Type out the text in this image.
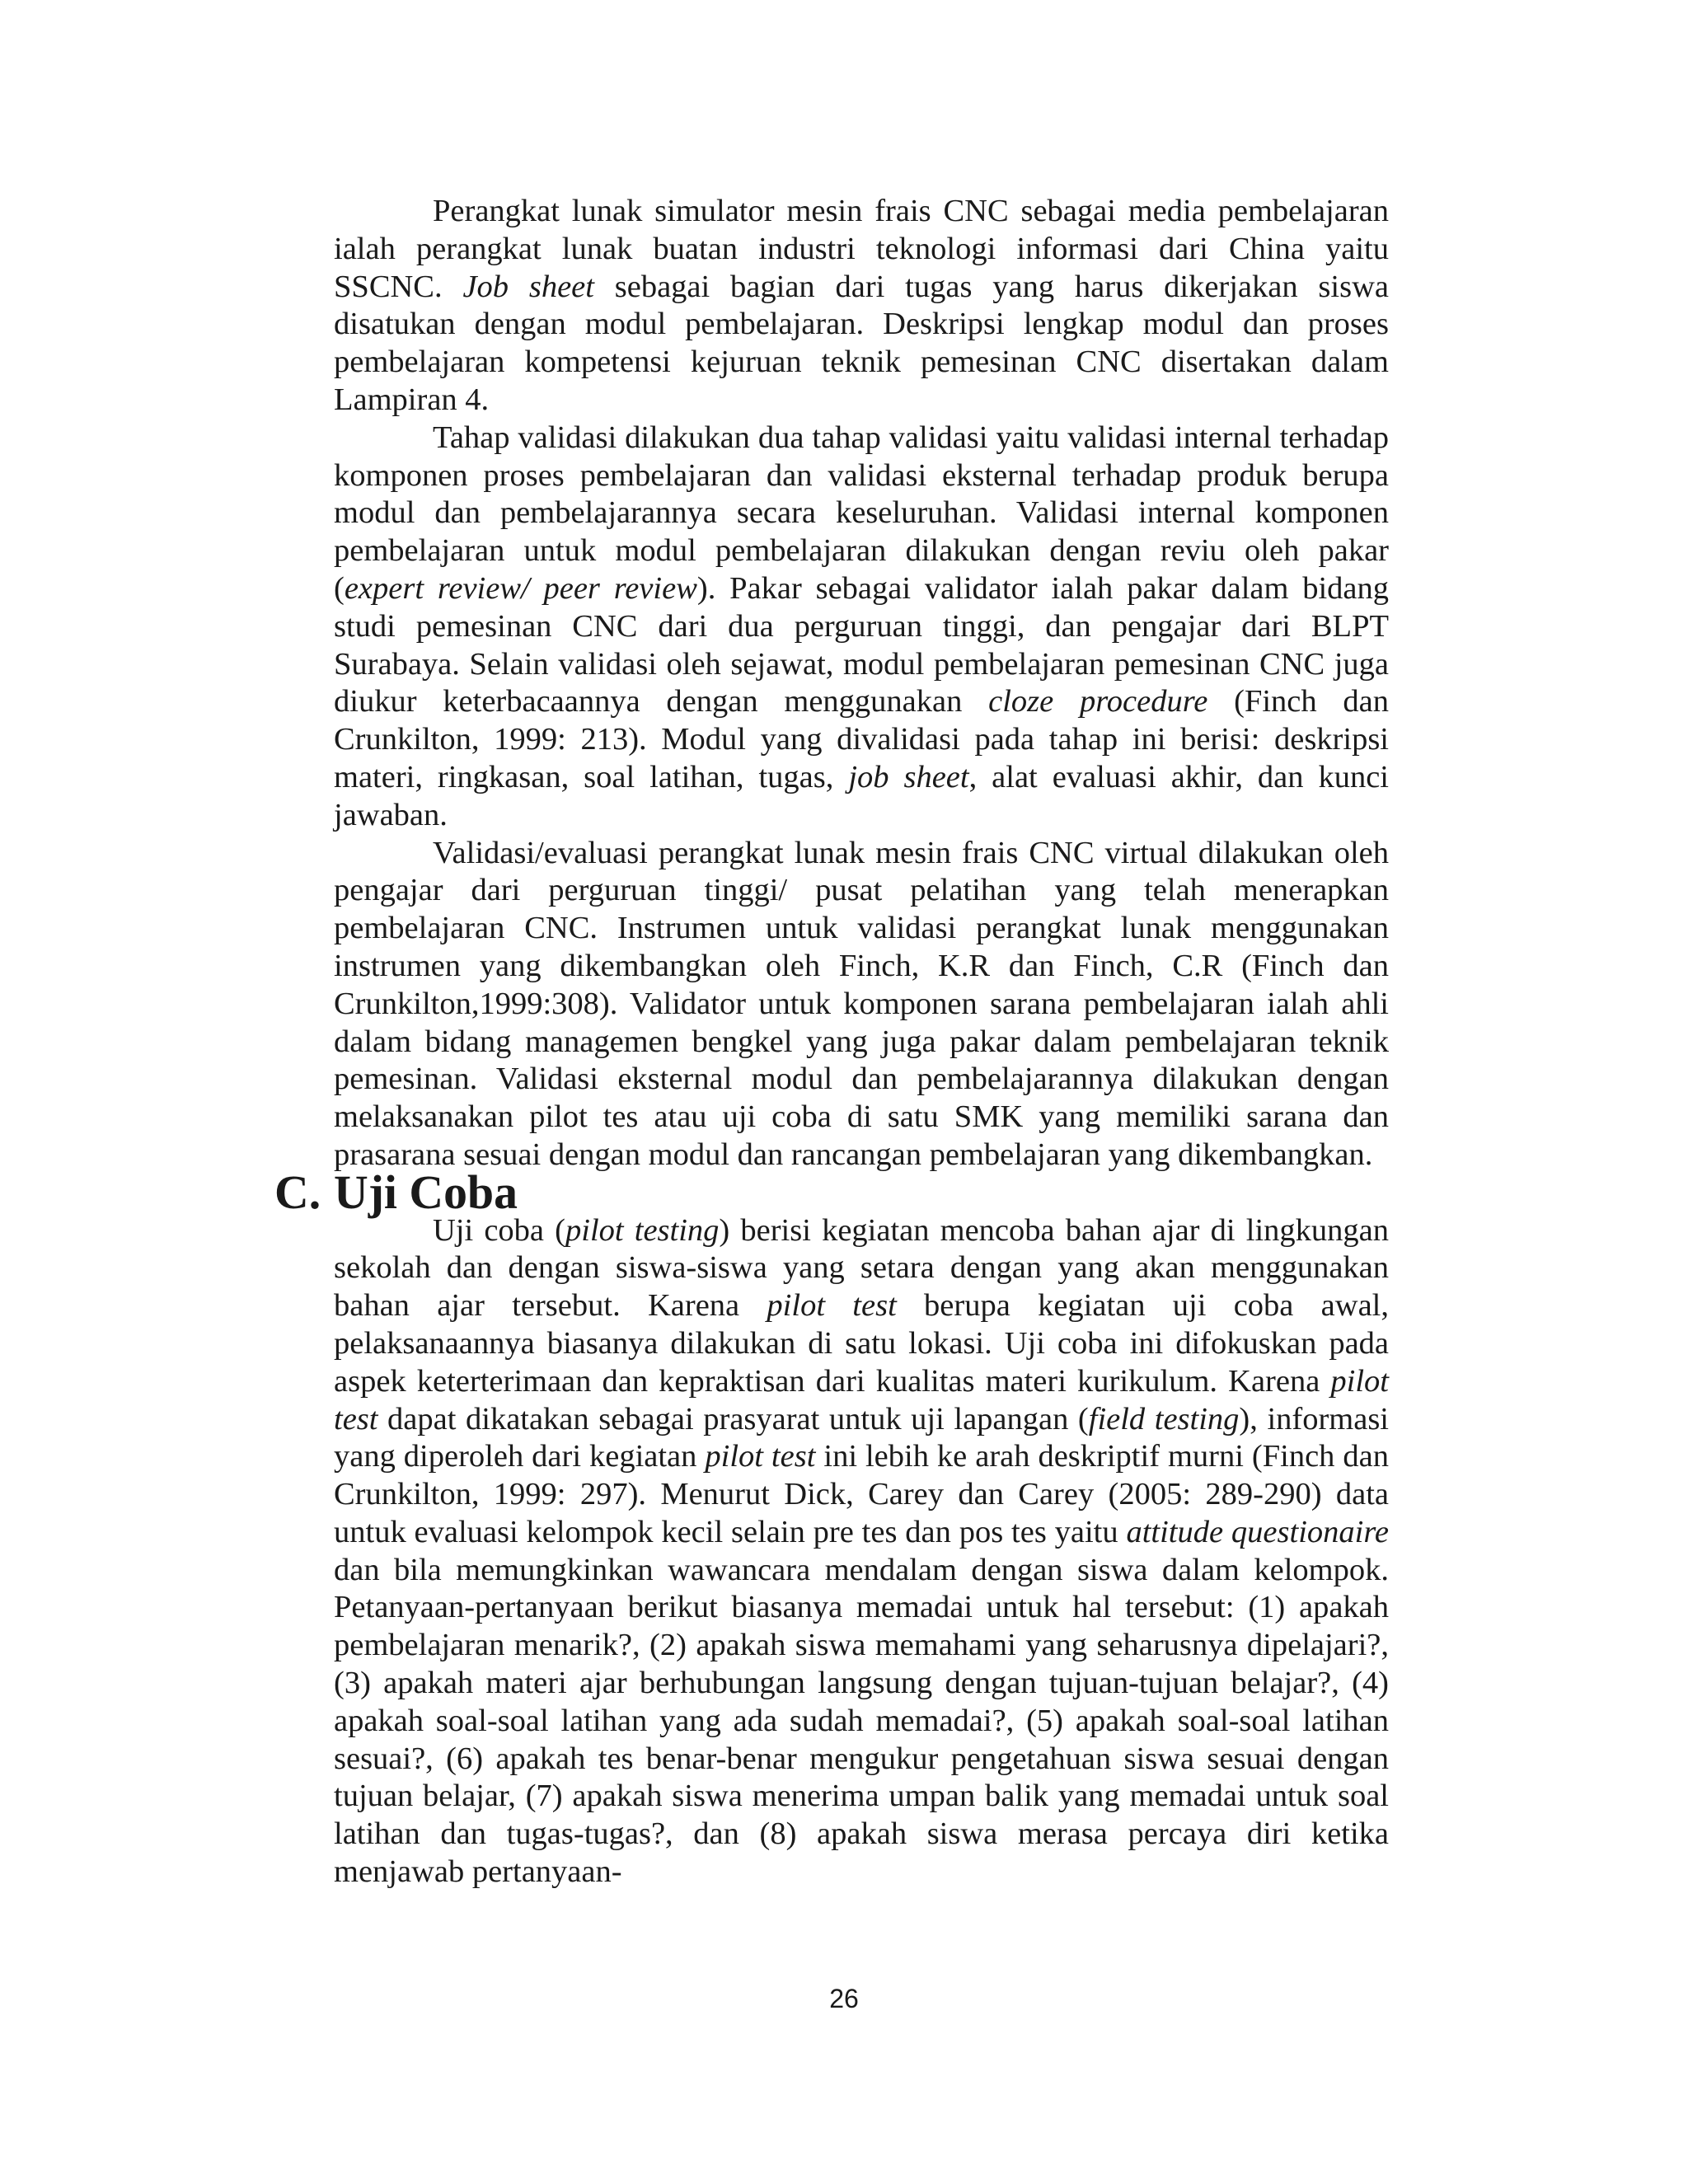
Perangkat lunak simulator mesin frais CNC sebagai media pembelajaran ialah perangkat lunak buatan industri teknologi informasi dari China yaitu SSCNC. Job sheet sebagai bagian dari tugas yang harus dikerjakan siswa disatukan dengan modul pembelajaran. Deskripsi lengkap modul dan proses pembelajaran kompetensi kejuruan teknik pemesinan CNC disertakan dalam Lampiran 4.

Tahap validasi dilakukan dua tahap validasi yaitu validasi internal terhadap komponen proses pembelajaran dan validasi eksternal terhadap produk berupa modul dan pembelajarannya secara keseluruhan. Validasi internal komponen pembelajaran untuk modul pembelajaran dilakukan dengan reviu oleh pakar (expert review/ peer review). Pakar sebagai validator ialah pakar dalam bidang studi pemesinan CNC dari dua perguruan tinggi, dan pengajar dari BLPT Surabaya. Selain validasi oleh sejawat, modul pembelajaran pemesinan CNC juga diukur keterbacaannya dengan menggunakan cloze procedure (Finch dan Crunkilton, 1999: 213). Modul yang divalidasi pada tahap ini berisi: deskripsi materi, ringkasan, soal latihan, tugas, job sheet, alat evaluasi akhir, dan kunci jawaban.

Validasi/evaluasi perangkat lunak mesin frais CNC virtual dilakukan oleh pengajar dari perguruan tinggi/ pusat pelatihan yang telah menerapkan pembelajaran CNC. Instrumen untuk validasi perangkat lunak menggunakan instrumen yang dikembangkan oleh Finch, K.R dan Finch, C.R (Finch dan Crunkilton,1999:308). Validator untuk komponen sarana pembelajaran ialah ahli dalam bidang managemen bengkel yang juga pakar dalam pembelajaran teknik pemesinan. Validasi eksternal modul dan pembelajarannya dilakukan dengan melaksanakan pilot tes atau uji coba di satu SMK yang memiliki sarana dan prasarana sesuai dengan modul dan rancangan pembelajaran yang dikembangkan.

C. Uji Coba

Uji coba (pilot testing) berisi kegiatan mencoba bahan ajar di lingkungan sekolah dan dengan siswa-siswa yang setara dengan yang akan menggunakan bahan ajar tersebut. Karena pilot test berupa kegiatan uji coba awal, pelaksanaannya biasanya dilakukan di satu lokasi. Uji coba ini difokuskan pada aspek keterterimaan dan kepraktisan dari kualitas materi kurikulum. Karena pilot test dapat dikatakan sebagai prasyarat untuk uji lapangan (field testing), informasi yang diperoleh dari kegiatan pilot test ini lebih ke arah deskriptif murni (Finch dan Crunkilton, 1999: 297). Menurut Dick, Carey dan Carey (2005: 289-290) data untuk evaluasi kelompok kecil selain pre tes dan pos tes yaitu attitude questionaire dan bila memungkinkan wawancara mendalam dengan siswa dalam kelompok. Petanyaan-pertanyaan berikut biasanya memadai untuk hal tersebut: (1) apakah pembelajaran menarik?, (2) apakah siswa memahami yang seharusnya dipelajari?, (3) apakah materi ajar berhubungan langsung dengan tujuan-tujuan belajar?, (4) apakah soal-soal latihan yang ada sudah memadai?, (5) apakah soal-soal latihan sesuai?, (6) apakah tes benar-benar mengukur pengetahuan siswa sesuai dengan tujuan belajar, (7) apakah siswa menerima umpan balik yang memadai untuk soal latihan dan tugas-tugas?, dan (8) apakah siswa merasa percaya diri ketika menjawab pertanyaan-

26
